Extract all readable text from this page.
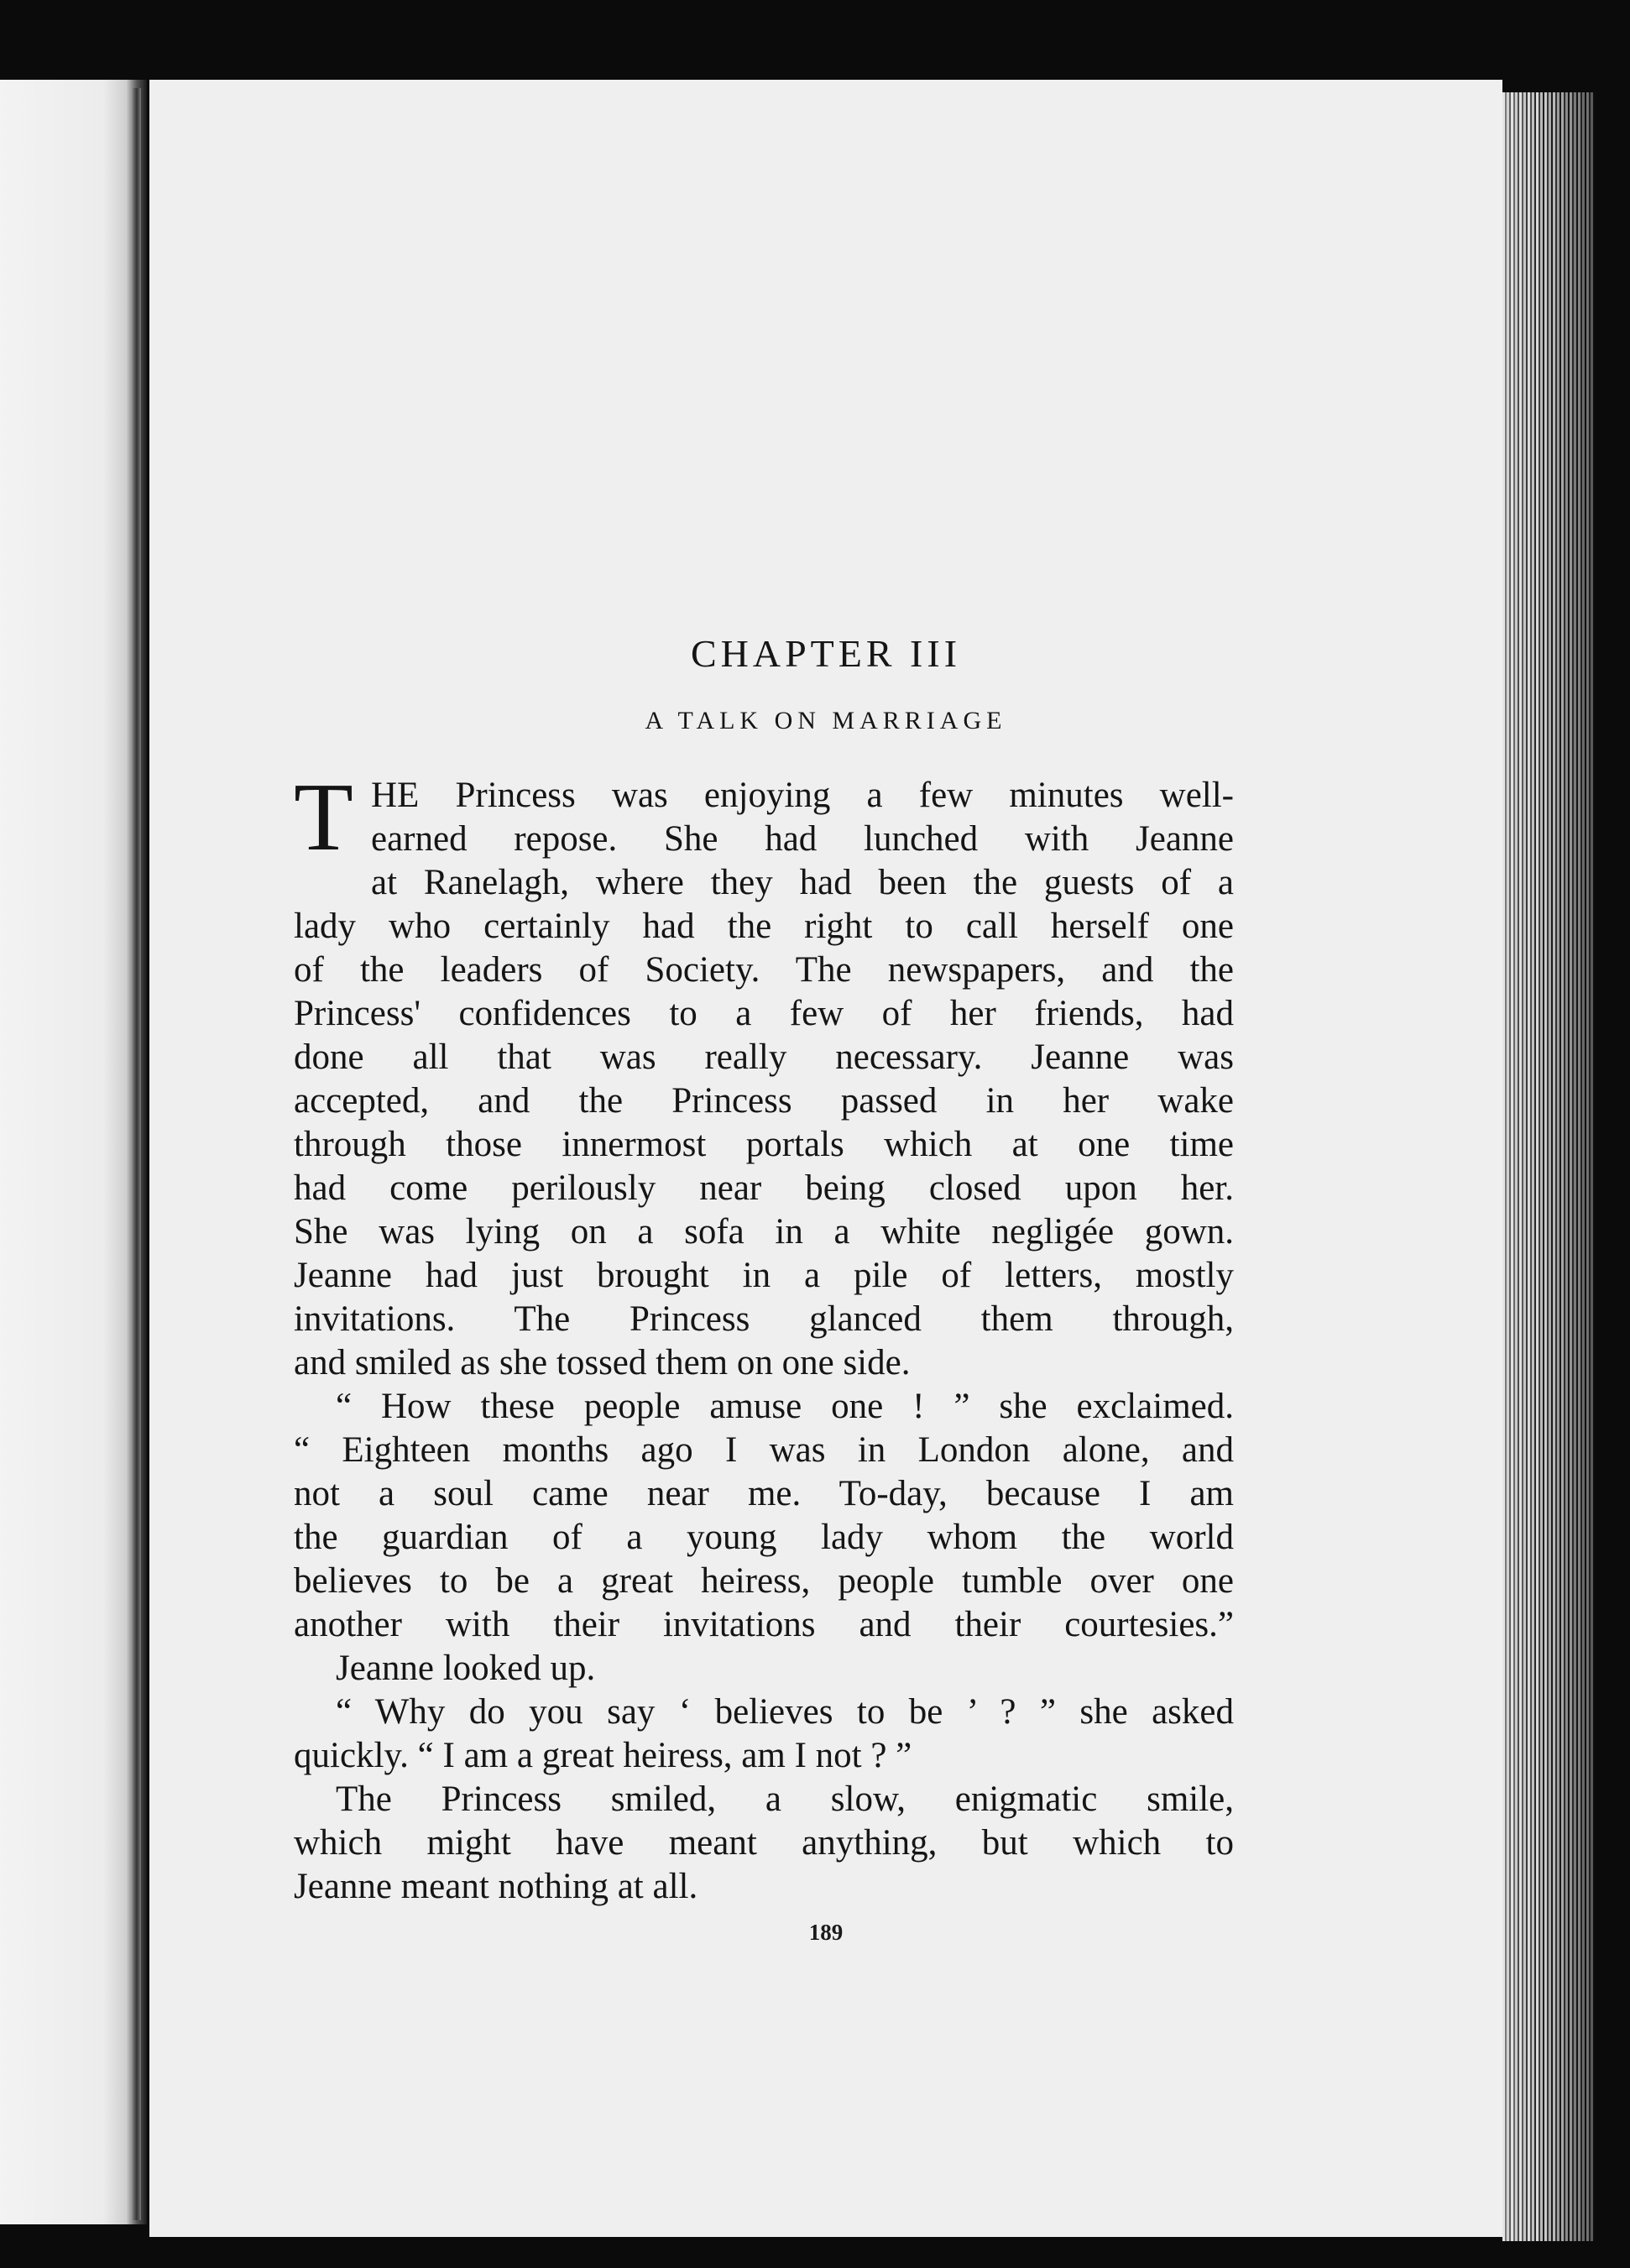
CHAPTER III
A TALK ON MARRIAGE
T HE Princess was enjoying a few minutes well-
earned repose. She had lunched with Jeanne
at Ranelagh, where they had been the guests of a
lady who certainly had the right to call herself one
of the leaders of Society. The newspapers, and the
Princess' confidences to a few of her friends, had
done all that was really necessary. Jeanne was
accepted, and the Princess passed in her wake
through those innermost portals which at one time
had come perilously near being closed upon her.
She was lying on a sofa in a white negligée gown.
Jeanne had just brought in a pile of letters, mostly
invitations. The Princess glanced them through,
and smiled as she tossed them on one side.
“ How these people amuse one ! ” she exclaimed.
“ Eighteen months ago I was in London alone, and
not a soul came near me. To-day, because I am
the guardian of a young lady whom the world
believes to be a great heiress, people tumble over one
another with their invitations and their courtesies.”
Jeanne looked up.
“ Why do you say ‘ believes to be ’ ? ” she asked
quickly. “ I am a great heiress, am I not ? ”
The Princess smiled, a slow, enigmatic smile,
which might have meant anything, but which to
Jeanne meant nothing at all.
189
